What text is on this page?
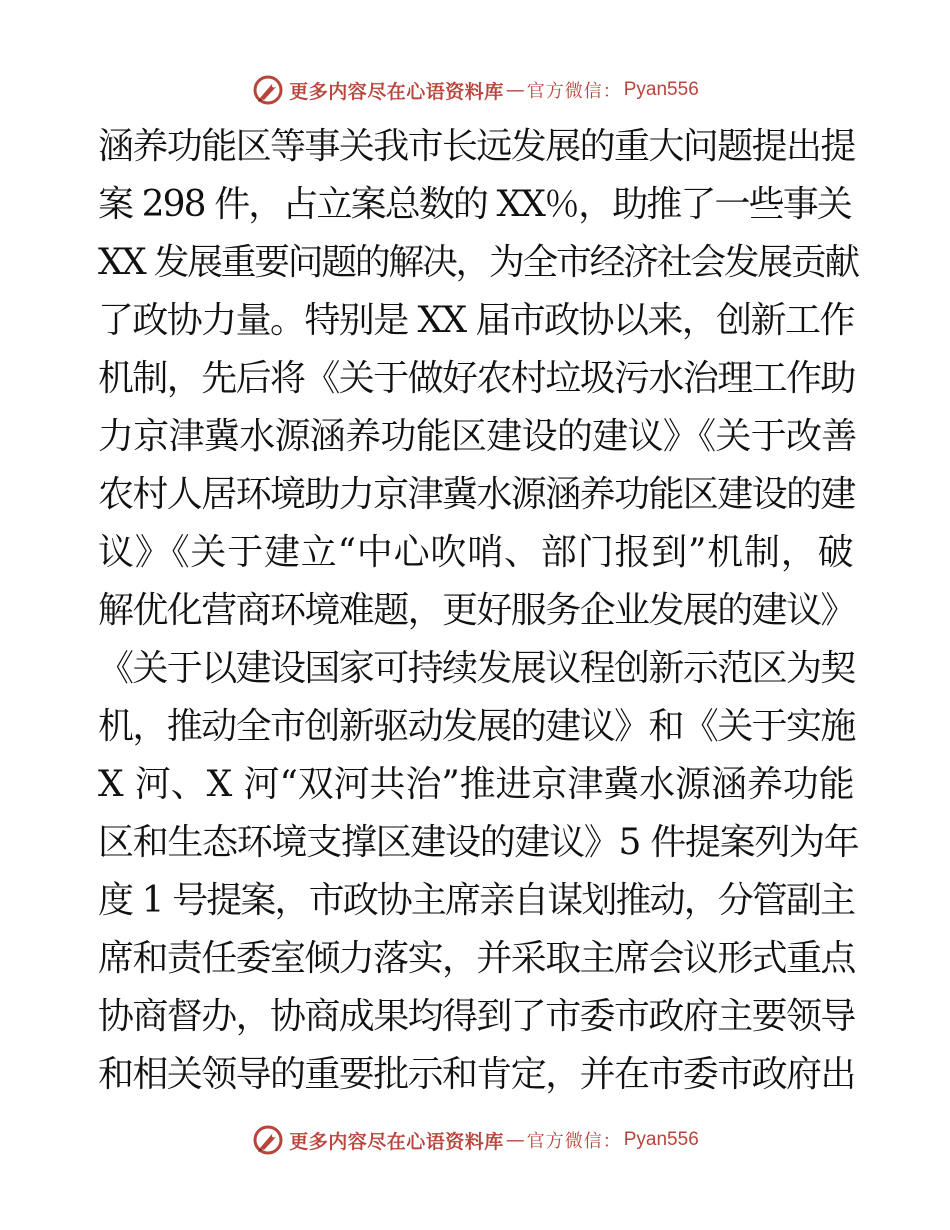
更多内容尽在心语资料库 — 官方微信： Pyan556
涵养功能区等事关我市长远发展的重大问题提出提
案 298 件，占立案总数的 XX％，助推了一些事关
XX 发展重要问题的解决，为全市经济社会发展贡献
了政协力量。特别是 XX 届市政协以来，创新工作
机制，先后将《关于做好农村垃圾污水治理工作助
力京津冀水源涵养功能区建设的建议》《关于改善
农村人居环境助力京津冀水源涵养功能区建设的建
议》《关于建立“中心吹哨、部门报到”机制，破
解优化营商环境难题，更好服务企业发展的建议》
《关于以建设国家可持续发展议程创新示范区为契
机，推动全市创新驱动发展的建议》和《关于实施
X 河、X 河“双河共治”推进京津冀水源涵养功能
区和生态环境支撑区建设的建议》5 件提案列为年
度 1 号提案，市政协主席亲自谋划推动，分管副主
席和责任委室倾力落实，并采取主席会议形式重点
协商督办，协商成果均得到了市委市政府主要领导
和相关领导的重要批示和肯定，并在市委市政府出
更多内容尽在心语资料库 — 官方微信： Pyan556
